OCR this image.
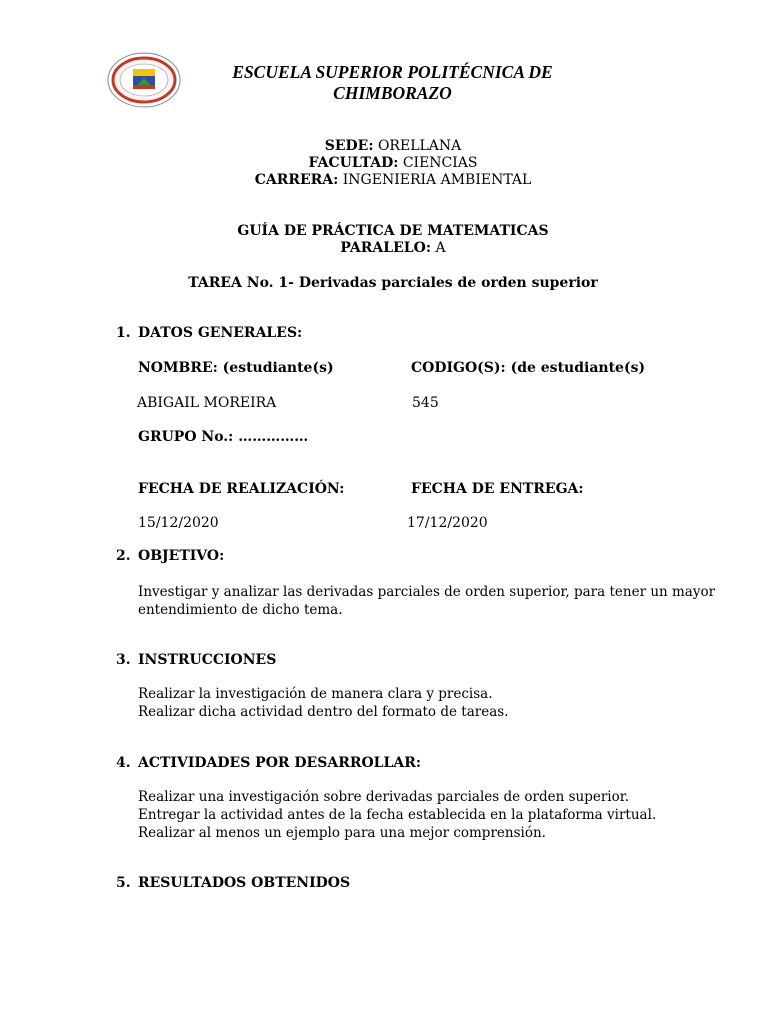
ESCUELA SUPERIOR POLITÉCNICA DE CHIMBORAZO
SEDE: ORELLANA
FACULTAD: CIENCIAS
CARRERA: INGENIERIA AMBIENTAL
GUÍA DE PRÁCTICA DE MATEMATICAS
PARALELO: A
TAREA No. 1- Derivadas parciales de orden superior
1. DATOS GENERALES:
NOMBRE: (estudiante(s)	CODIGO(S): (de estudiante(s)
ABIGAIL MOREIRA	545
GRUPO No.: ……………
FECHA DE REALIZACIÓN:	FECHA DE ENTREGA:
15/12/2020	17/12/2020
2. OBJETIVO:
Investigar y analizar las derivadas parciales de orden superior, para tener un mayor
entendimiento de dicho tema.
3. INSTRUCCIONES
Realizar la investigación de manera clara y precisa.
Realizar dicha actividad dentro del formato de tareas.
4. ACTIVIDADES POR DESARROLLAR:
Realizar una investigación sobre derivadas parciales de orden superior.
Entregar la actividad antes de la fecha establecida en la plataforma virtual.
Realizar al menos un ejemplo para una mejor comprensión.
5. RESULTADOS OBTENIDOS
